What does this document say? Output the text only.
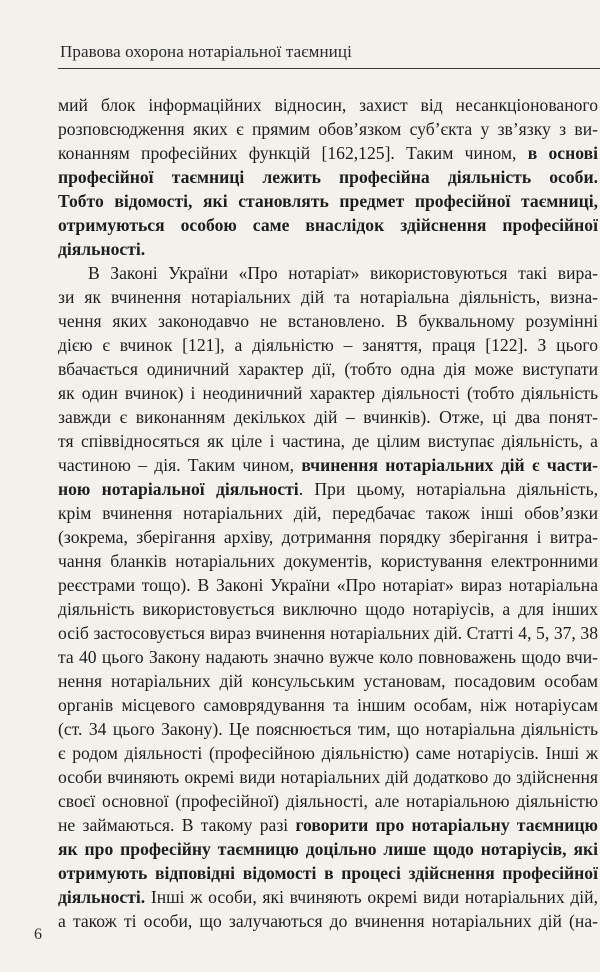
Правова охорона нотаріальної таємниці
мий блок інформаційних відносин, захист від несанкціонованого
розповсюдження яких є прямим обов’язком суб’єкта у зв’язку з ви-
конанням професійних функцій [162,125]. Таким чином, в основі
професійної таємниці лежить професійна діяльність особи.
Тобто відомості, які становлять предмет професійної таємниці,
отримуються особою саме внаслідок здійснення професійної
діяльності.
В Законі України «Про нотаріат» використовуються такі вира-
зи як вчинення нотаріальних дій та нотаріальна діяльність, визна-
чення яких законодавчо не встановлено. В буквальному розумінні
дією є вчинок [121], а діяльністю – заняття, праця [122]. З цього
вбачається одиничний характер дії, (тобто одна дія може виступати
як один вчинок) і неодиничний характер діяльності (тобто діяльність
завжди є виконанням декількох дій – вчинків). Отже, ці два понят-
тя співвідносяться як ціле і частина, де цілим виступає діяльність, а
частиною – дія. Таким чином, вчинення нотаріальних дій є части-
ною нотаріальної діяльності. При цьому, нотаріальна діяльність,
крім вчинення нотаріальних дій, передбачає також інші обов’язки
(зокрема, зберігання архіву, дотримання порядку зберігання і витра-
чання бланків нотаріальних документів, користування електронними
реєстрами тощо). В Законі України «Про нотаріат» вираз нотаріальна
діяльність використовується виключно щодо нотаріусів, а для інших
осіб застосовується вираз вчинення нотаріальних дій. Статті 4, 5, 37, 38
та 40 цього Закону надають значно вужче коло повноважень щодо вчи-
нення нотаріальних дій консульським установам, посадовим особам
органів місцевого самоврядування та іншим особам, ніж нотаріусам
(ст. 34 цього Закону). Це пояснюється тим, що нотаріальна діяльність
є родом діяльності (професійною діяльністю) саме нотаріусів. Інші ж
особи вчиняють окремі види нотаріальних дій додатково до здійснення
своєї основної (професійної) діяльності, але нотаріальною діяльністю
не займаються. В такому разі говорити про нотаріальну таємницю
як про професійну таємницю доцільно лише щодо нотаріусів, які
отримують відповідні відомості в процесі здійснення професійної
діяльності. Інші ж особи, які вчиняють окремі види нотаріальних дій,
а також ті особи, що залучаються до вчинення нотаріальних дій (на-
6
